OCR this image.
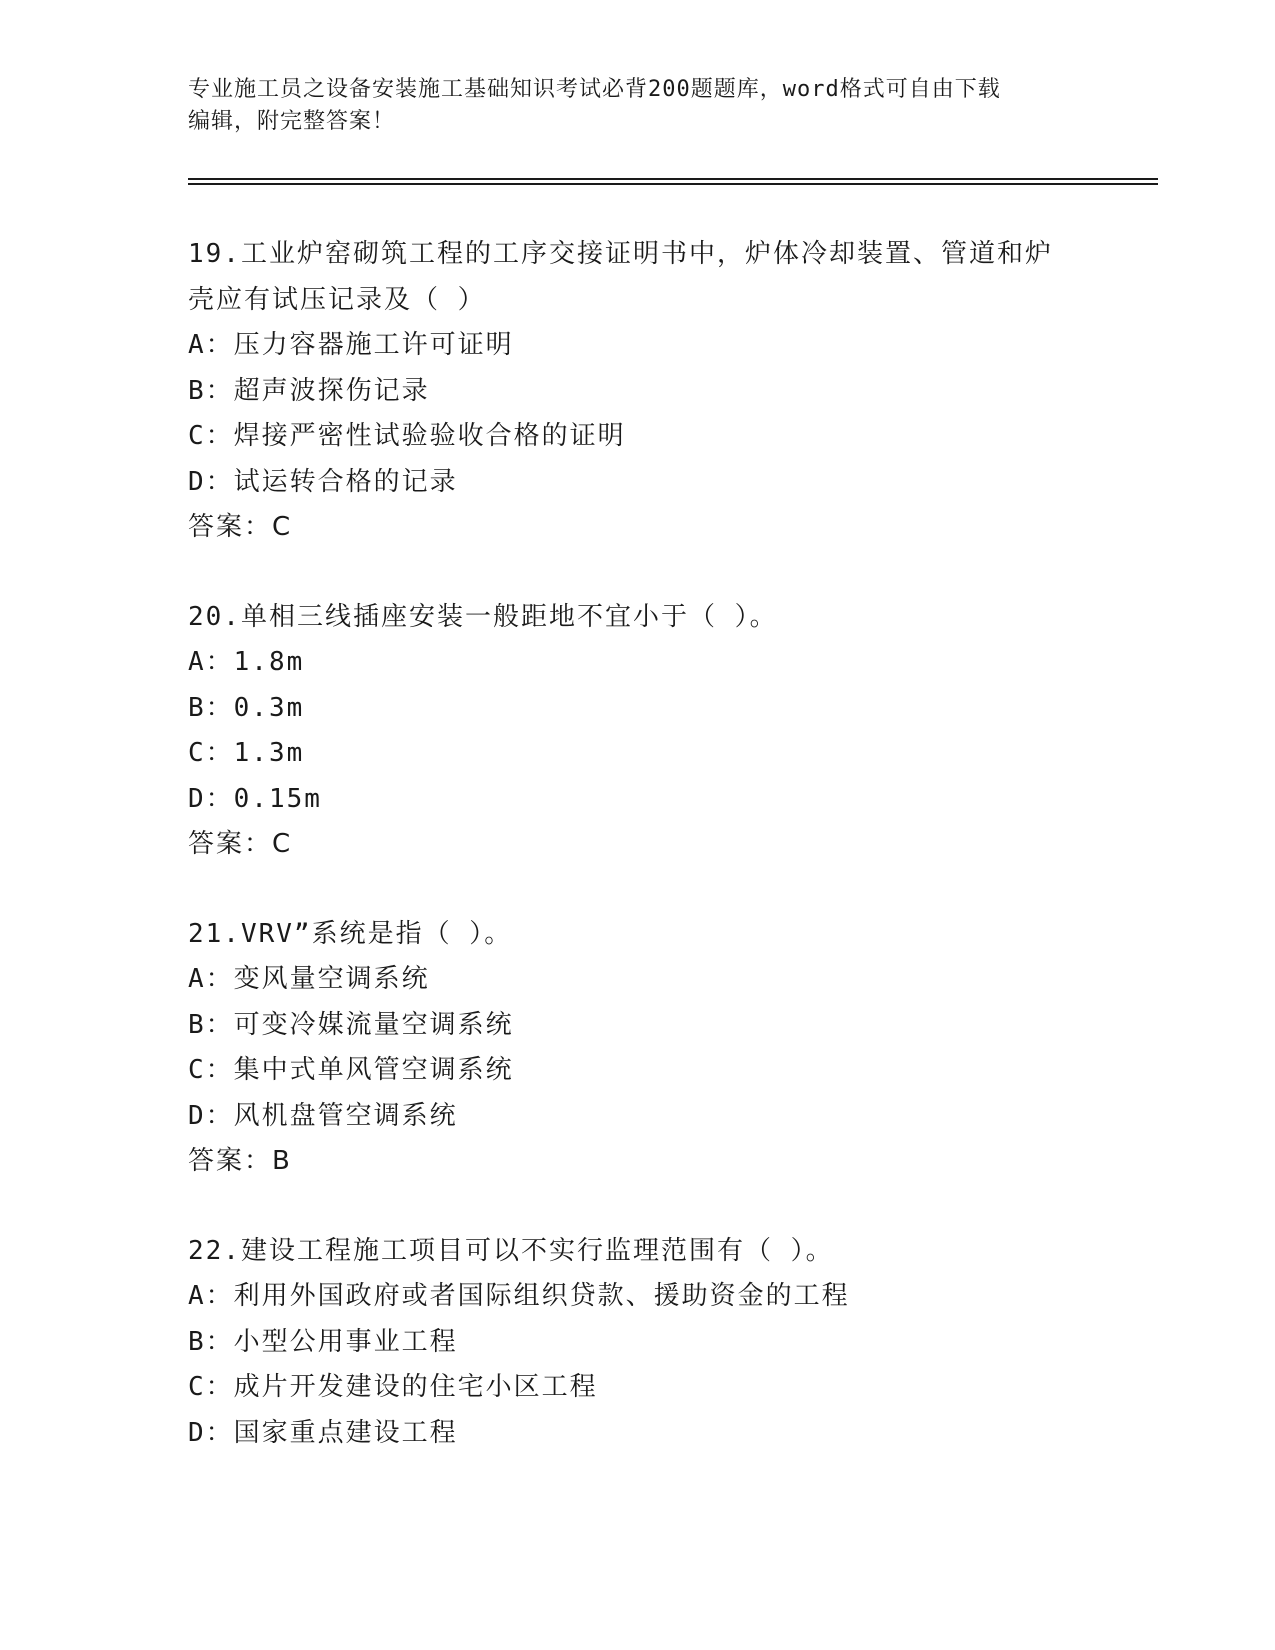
专业施工员之设备安装施工基础知识考试必背200题题库，word格式可自由下载
编辑，附完整答案！
19.工业炉窑砌筑工程的工序交接证明书中，炉体冷却装置、管道和炉
壳应有试压记录及（ ）
A：压力容器施工许可证明
B：超声波探伤记录
C：焊接严密性试验验收合格的证明
D：试运转合格的记录
答案：C
20.单相三线插座安装一般距地不宜小于（ ）。
A：1.8m
B：0.3m
C：1.3m
D：0.15m
答案：C
21.VRV”系统是指（ ）。
A：变风量空调系统
B：可变冷媒流量空调系统
C：集中式单风管空调系统
D：风机盘管空调系统
答案：B
22.建设工程施工项目可以不实行监理范围有（ ）。
A：利用外国政府或者国际组织贷款、援助资金的工程
B：小型公用事业工程
C：成片开发建设的住宅小区工程
D：国家重点建设工程
